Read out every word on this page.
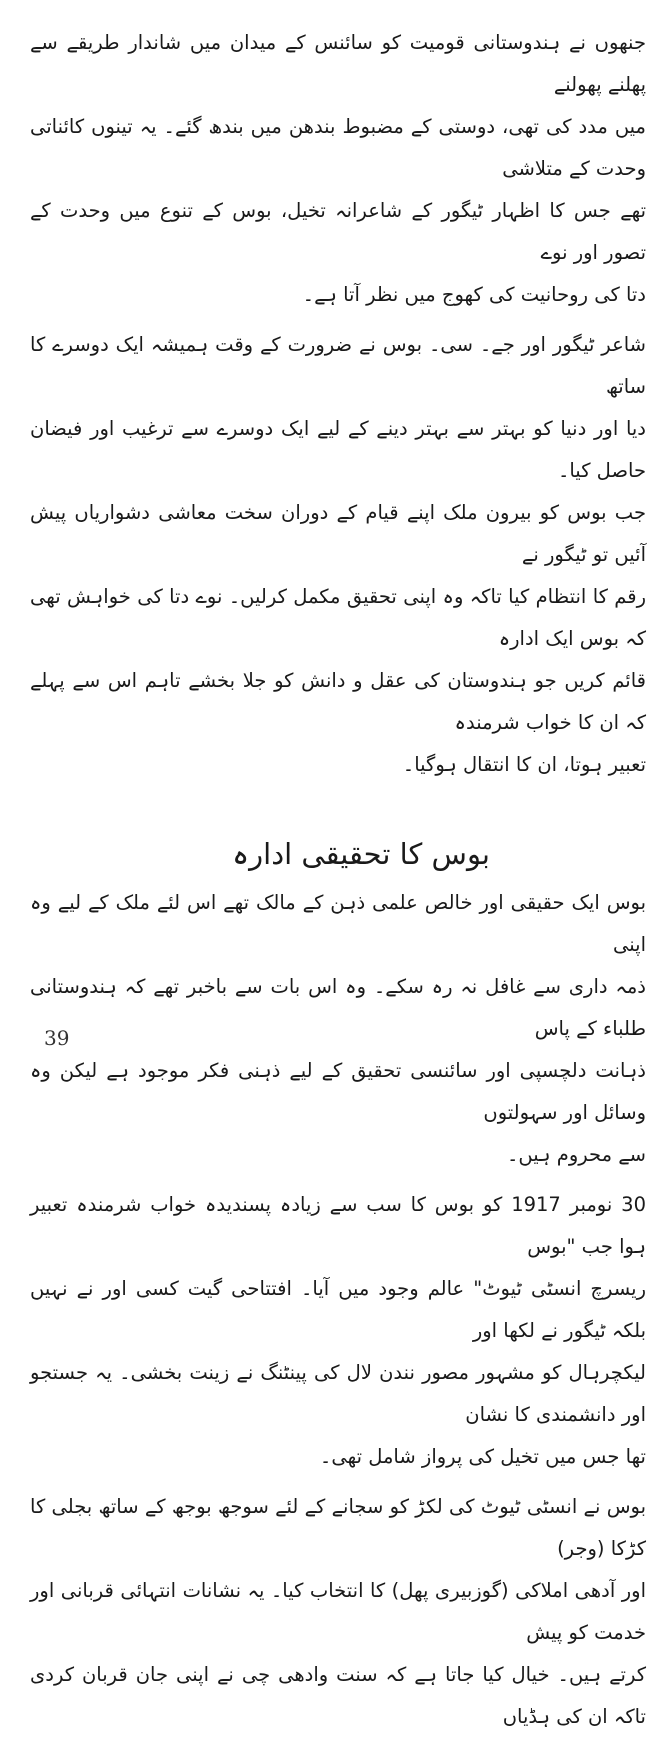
جنھوں نے ہندوستانی قومیت کو سائنس کے میدان میں شاندار طریقے سے پھلنے پھولنے

میں مدد کی تھی، دوستی کے مضبوط بندھن میں بندھ گئے۔ یہ تینوں کائناتی وحدت کے متلاشی

تھے جس کا اظہار ٹیگور کے شاعرانہ تخیل، بوس کے تنوع میں وحدت کے تصور اور نوے

دتا کی روحانیت کی کھوج میں نظر آتا ہے۔

شاعر ٹیگور اور جے۔ سی۔ بوس نے ضرورت کے وقت ہمیشہ ایک دوسرے کا ساتھ

دیا اور دنیا کو بہتر سے بہتر دینے کے لیے ایک دوسرے سے ترغیب اور فیضان حاصل کیا۔

جب بوس کو بیرون ملک اپنے قیام کے دوران سخت معاشی دشواریاں پیش آئیں تو ٹیگور نے

رقم کا انتظام کیا تاکہ وہ اپنی تحقیق مکمل کرلیں۔ نوے دتا کی خواہش تھی کہ بوس ایک ادارہ

قائم کریں جو ہندوستان کی عقل و دانش کو جلا بخشے تاہم اس سے پہلے کہ ان کا خواب شرمندہ

تعبیر ہوتا، ان کا انتقال ہوگیا۔

بوس کا تحقیقی ادارہ

بوس ایک حقیقی اور خالص علمی ذہن کے مالک تھے اس لئے ملک کے لیے وہ اپنی

ذمہ داری سے غافل نہ رہ سکے۔ وہ اس بات سے باخبر تھے کہ ہندوستانی طلباء کے پاس

ذہانت دلچسپی اور سائنسی تحقیق کے لیے ذہنی فکر موجود ہے لیکن وہ وسائل اور سہولتوں

سے محروم ہیں۔

30 نومبر 1917 کو بوس کا سب سے زیادہ پسندیدہ خواب شرمندہ تعبیر ہوا جب "بوس

ریسرچ انسٹی ٹیوٹ" عالم وجود میں آیا۔ افتتاحی گیت کسی اور نے نہیں بلکہ ٹیگور نے لکھا اور

لیکچرہال کو مشہور مصور نندن لال کی پینٹنگ نے زینت بخشی۔ یہ جستجو اور دانشمندی کا نشان

تھا جس میں تخیل کی پرواز شامل تھی۔

بوس نے انسٹی ٹیوٹ کی لکڑ کو سجانے کے لئے سوجھ بوجھ کے ساتھ بجلی کا کڑکا (وجر)

اور آدھی املاکی (گوزبیری پھل) کا انتخاب کیا۔ یہ نشانات انتہائی قربانی اور خدمت کو پیش

کرتے ہیں۔ خیال کیا جاتا ہے کہ سنت وادھی چی نے اپنی جان قربان کردی تاکہ ان کی ہڈیاں

39
